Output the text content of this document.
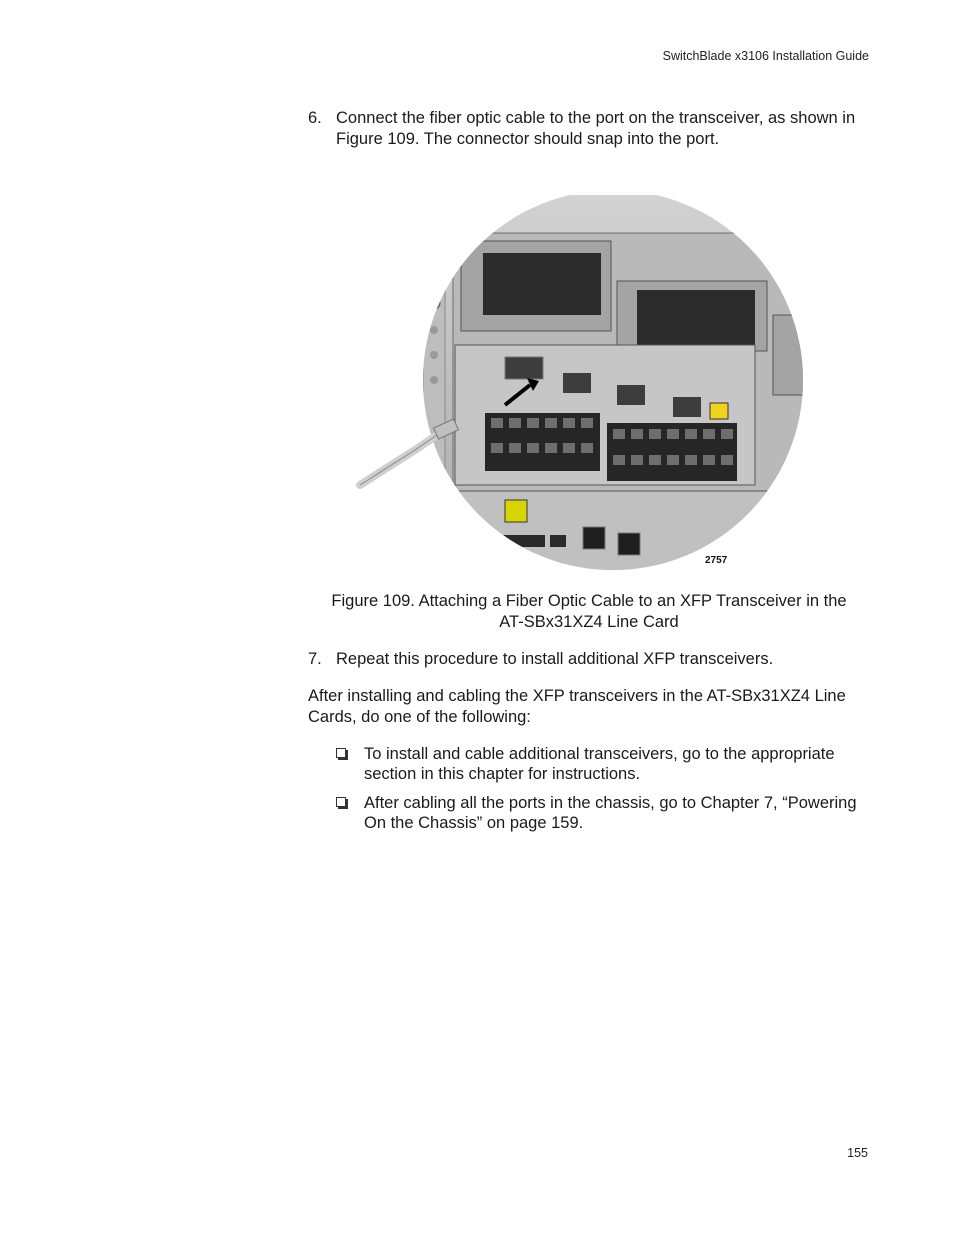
SwitchBlade x3106 Installation Guide
6. Connect the fiber optic cable to the port on the transceiver, as shown in Figure 109. The connector should snap into the port.
2757
Figure 109. Attaching a Fiber Optic Cable to an XFP Transceiver in the
AT-SBx31XZ4 Line Card
7. Repeat this procedure to install additional XFP transceivers.
After installing and cabling the XFP transceivers in the AT-SBx31XZ4 Line Cards, do one of the following:
To install and cable additional transceivers, go to the appropriate section in this chapter for instructions.
After cabling all the ports in the chassis, go to Chapter 7, “Powering On the Chassis” on page 159.
155
